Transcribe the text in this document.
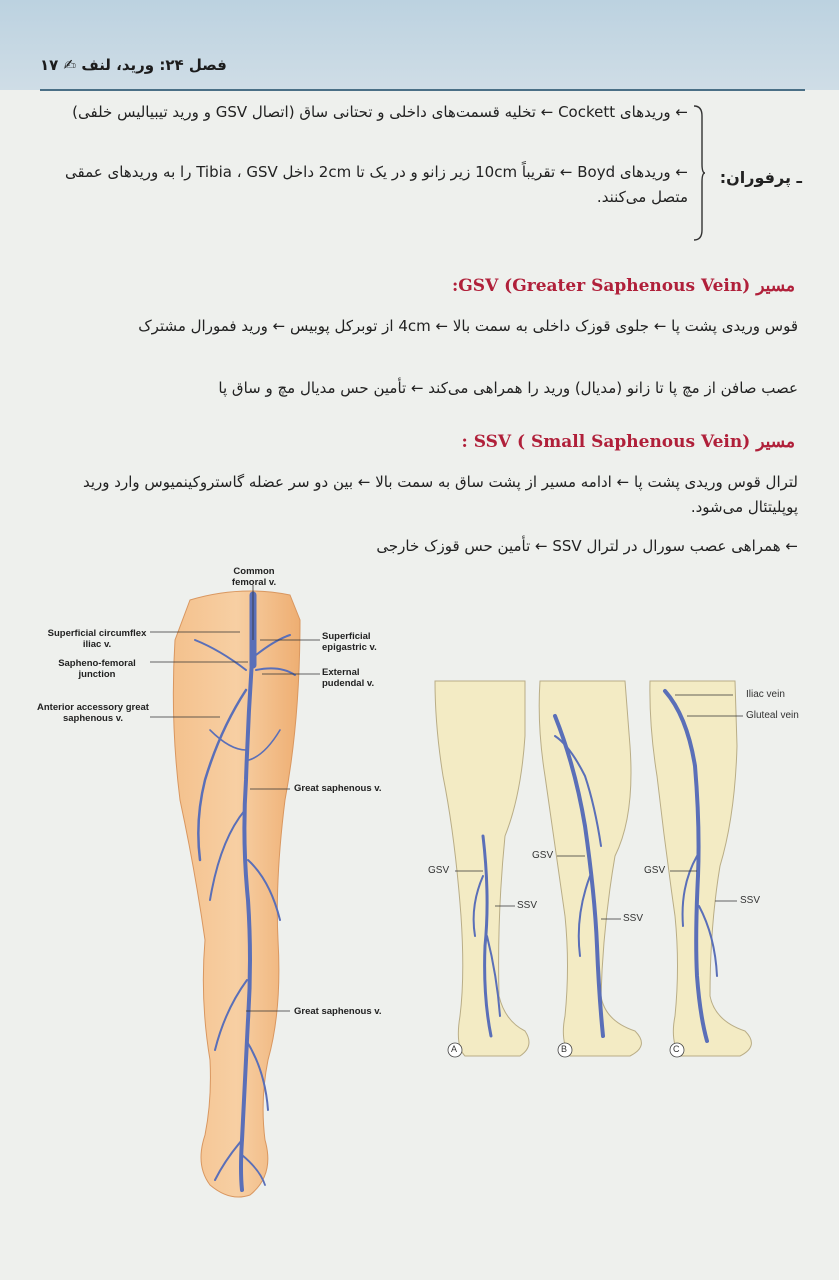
فصل ۲۴: ورید، لنف ✍ ۱۷
← وریدهای Cockett ← تخلیه قسمت‌های داخلی و تحتانی ساق (اتصال GSV و ورید تیبیالیس خلفی)
← وریدهای Boyd ← تقریباً 10cm زیر زانو و در یک تا 2cm داخل Tibia ، GSV را به وریدهای عمقی متصل می‌کنند.
ـ پرفوران:
مسیر GSV (Greater Saphenous Vein):
قوس وریدی پشت پا ← جلوی قوزک داخلی به سمت بالا ← 4cm از توبرکل پوبیس ← ورید فمورال مشترک
عصب صافن از مچ پا تا زانو (مدیال) ورید را همراهی می‌کند ← تأمین حس مدیال مچ و ساق پا
مسیر SSV ( Small Saphenous Vein) :
لترال قوس وریدی پشت پا ← ادامه مسیر از پشت ساق به سمت بالا ← بین دو سر عضله گاستروکینمیوس وارد ورید پوپلیتئال می‌شود.
← همراهی عصب سورال در لترال SSV ← تأمین حس قوزک خارجی
Common femoral v.
Superficial circumflex iliac v.
Sapheno-femoral junction
Anterior accessory great saphenous v.
Superficial epigastric v.
External pudendal v.
Great saphenous v.
Great saphenous v.
Iliac vein
Gluteal vein
GSV
SSV
GSV
SSV
GSV
SSV
A	B	C
